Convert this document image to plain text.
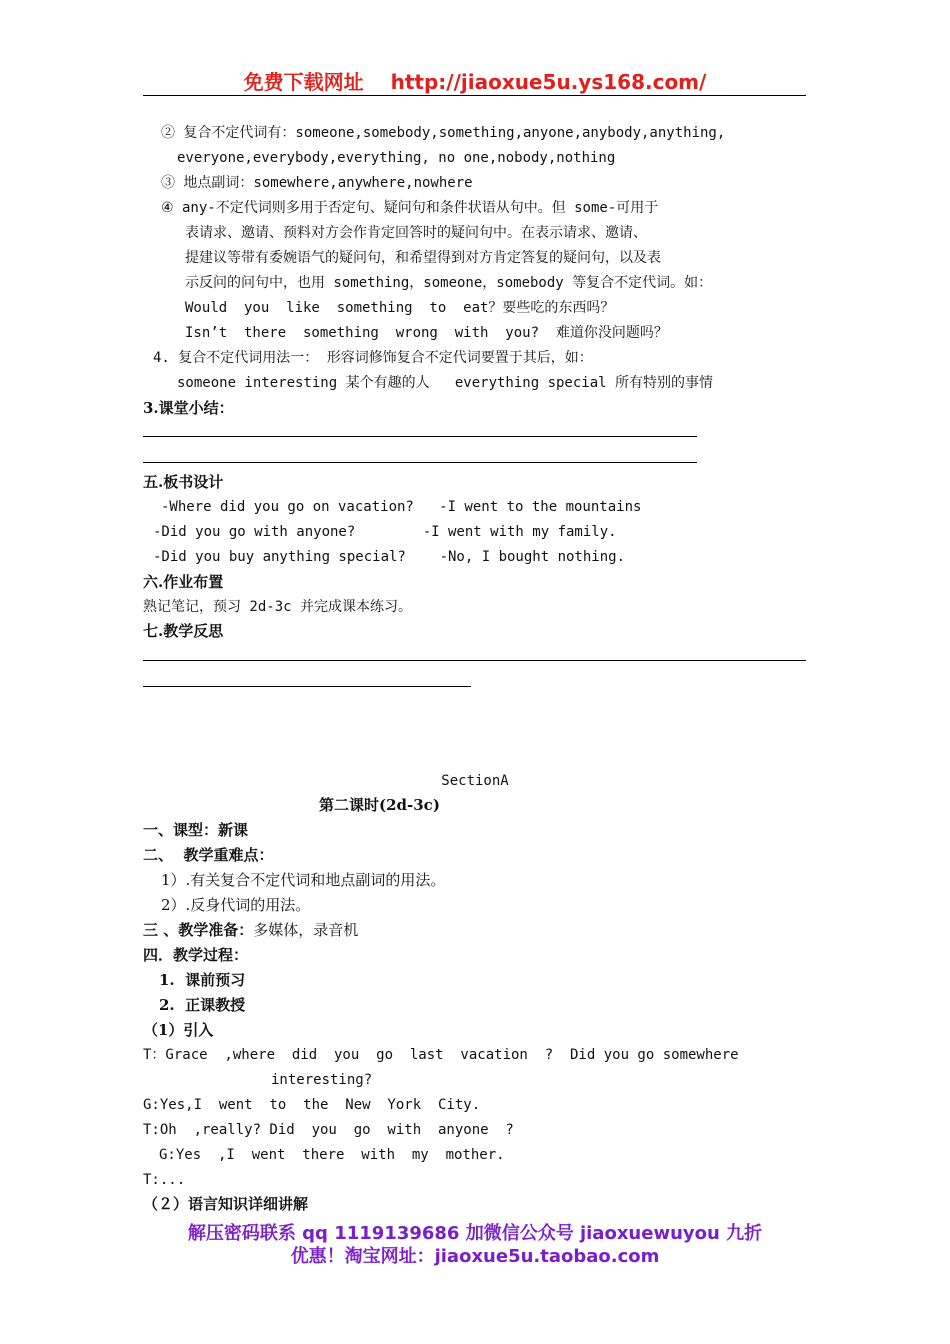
免费下载网址　 http://jiaoxue5u.ys168.com/
② 复合不定代词有：someone,somebody,something,anyone,anybody,anything,
everyone,everybody,everything, no one,nobody,nothing
③ 地点副词：somewhere,anywhere,nowhere
④ any-不定代词则多用于否定句、疑问句和条件状语从句中。但 some-可用于
表请求、邀请、预料对方会作肯定回答时的疑问句中。在表示请求、邀请、
提建议等带有委婉语气的疑问句，和希望得到对方肯定答复的疑问句，以及表
示反问的问句中，也用 something，someone，somebody 等复合不定代词。如：
Would  you  like  something  to  eat？要些吃的东西吗？
Isn’t  there  something  wrong  with  you?  难道你没问题吗？
4. 复合不定代词用法一： 形容词修饰复合不定代词要置于其后，如：
someone interesting 某个有趣的人   everything special 所有特别的事情
3.课堂小结：
五.板书设计
-Where did you go on vacation?   -I went to the mountains
-Did you go with anyone?        -I went with my family.
-Did you buy anything special?    -No, I bought nothing.
六.作业布置
熟记笔记，预习 2d-3c 并完成课本练习。
七.教学反思
SectionA
第二课时(2d-3c)
一、课型：新课
二、  教学重难点：
1）.有关复合不定代词和地点副词的用法。
2）.反身代词的用法。
三 、教学准备：多媒体，录音机
四．教学过程：
1.  课前预习
2.  正课教授
（1）引入
T：Grace  ,where  did  you  go  last  vacation  ?  Did you go somewhere
interesting?
G:Yes,I  went  to  the  New  York  City.
T:Oh  ,really? Did  you  go  with  anyone  ?
G:Yes  ,I  went  there  with  my  mother.
T:...
（２）语言知识详细讲解
解压密码联系 qq 1119139686 加微信公众号 jiaoxuewuyou 九折
优惠！淘宝网址：jiaoxue5u.taobao.com
